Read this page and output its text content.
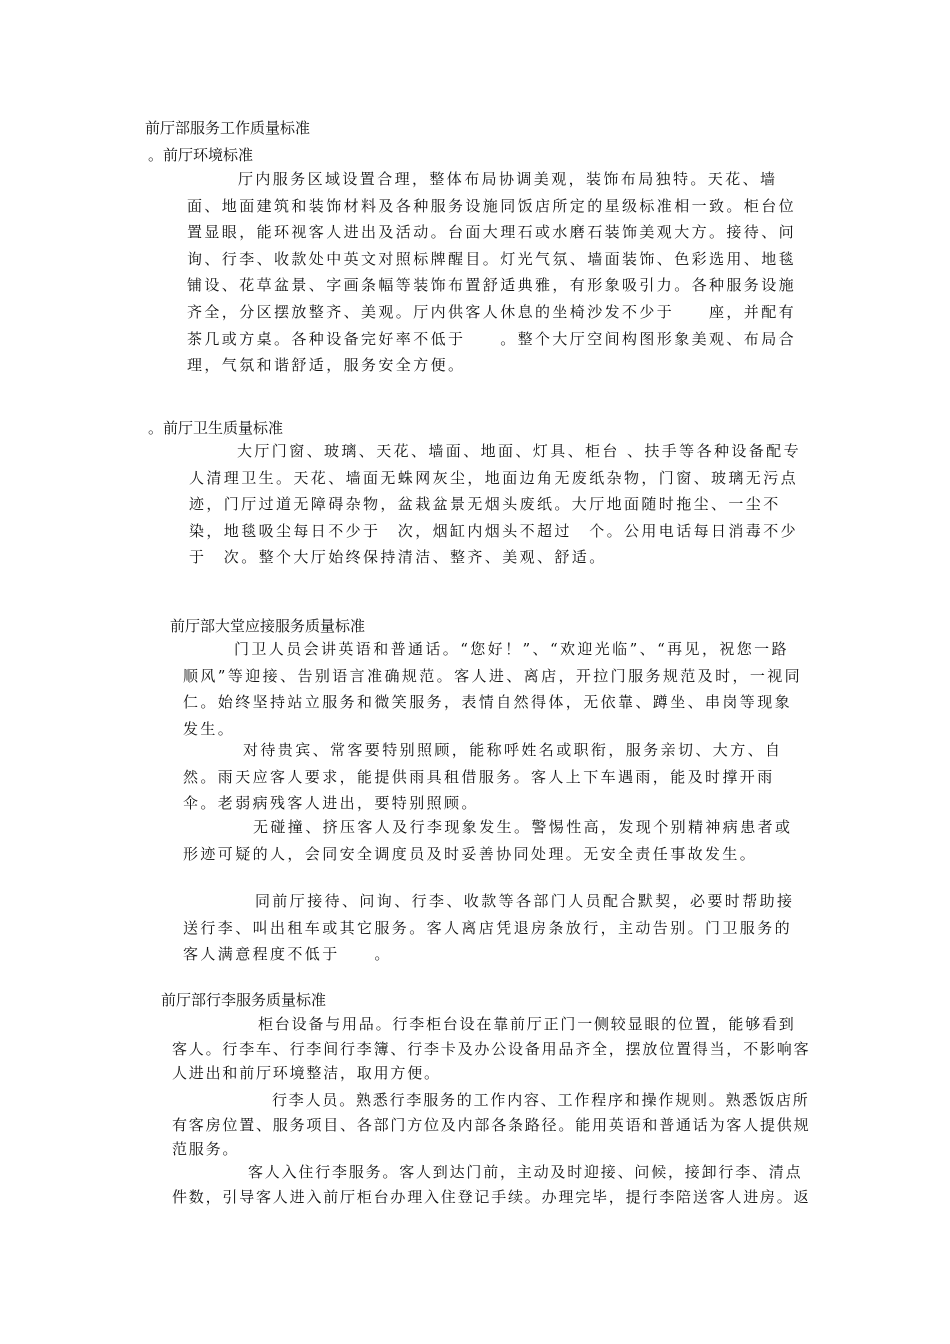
前厅部服务工作质量标准
。前厅环境标准

厅内服务区域设置合理，整体布局协调美观，装饰布局独特。天花、墙面、地面建筑和装饰材料及各种服务设施同饭店所定的星级标准相一致。柜台位置显眼，能环视客人进出及活动。台面大理石或水磨石装饰美观大方。接待、问询、行李、收款处中英文对照标牌醒目。灯光气氛、墙面装饰、色彩选用、地毯铺设、花草盆景、字画条幅等装饰布置舒适典雅，有形象吸引力。各种服务设施齐全，分区摆放整齐、美观。厅内供客人休息的坐椅沙发不少于　　座，并配有茶几或方桌。各种设备完好率不低于　　。整个大厅空间构图形象美观、布局合理，气氛和谐舒适，服务安全方便。

。前厅卫生质量标准

大厅门窗、玻璃、天花、墙面、地面、灯具、柜台 、扶手等各种设备配专人清理卫生。天花、墙面无蛛网灰尘，地面边角无废纸杂物，门窗、玻璃无污点迹，门厅过道无障碍杂物，盆栽盆景无烟头废纸。大厅地面随时拖尘、一尘不染，地毯吸尘每日不少于　次，烟缸内烟头不超过　个。公用电话每日消毒不少于　次。整个大厅始终保持清洁、整齐、美观、舒适。

前厅部大堂应接服务质量标准

门卫人员会讲英语和普通话。“您好！”、“欢迎光临”、“再见，祝您一路顺风”等迎接、告别语言准确规范。客人进、离店，开拉门服务规范及时，一视同仁。始终坚持站立服务和微笑服务，表情自然得体，无依靠、蹲坐、串岗等现象发生。

对待贵宾、常客要特别照顾，能称呼姓名或职衔，服务亲切、大方、自然。雨天应客人要求，能提供雨具租借服务。客人上下车遇雨，能及时撑开雨伞。老弱病残客人进出，要特别照顾。

无碰撞、挤压客人及行李现象发生。警惕性高，发现个别精神病患者或形迹可疑的人，会同安全调度员及时妥善协同处理。无安全责任事故发生。

同前厅接待、问询、行李、收款等各部门人员配合默契，必要时帮助接送行李、叫出租车或其它服务。客人离店凭退房条放行，主动告别。门卫服务的客人满意程度不低于　　。

前厅部行李服务质量标准

柜台设备与用品。行李柜台设在靠前厅正门一侧较显眼的位置，能够看到客人。行李车、行李间行李簿、行李卡及办公设备用品齐全，摆放位置得当，不影响客人进出和前厅环境整洁，取用方便。

行李人员。熟悉行李服务的工作内容、工作程序和操作规则。熟悉饭店所有客房位置、服务项目、各部门方位及内部各条路径。能用英语和普通话为客人提供规范服务。

客人入住行李服务。客人到达门前，主动及时迎接、问候，接卸行李、清点件数，引导客人进入前厅柜台办理入住登记手续。办理完毕，提行李陪送客人进房。返
